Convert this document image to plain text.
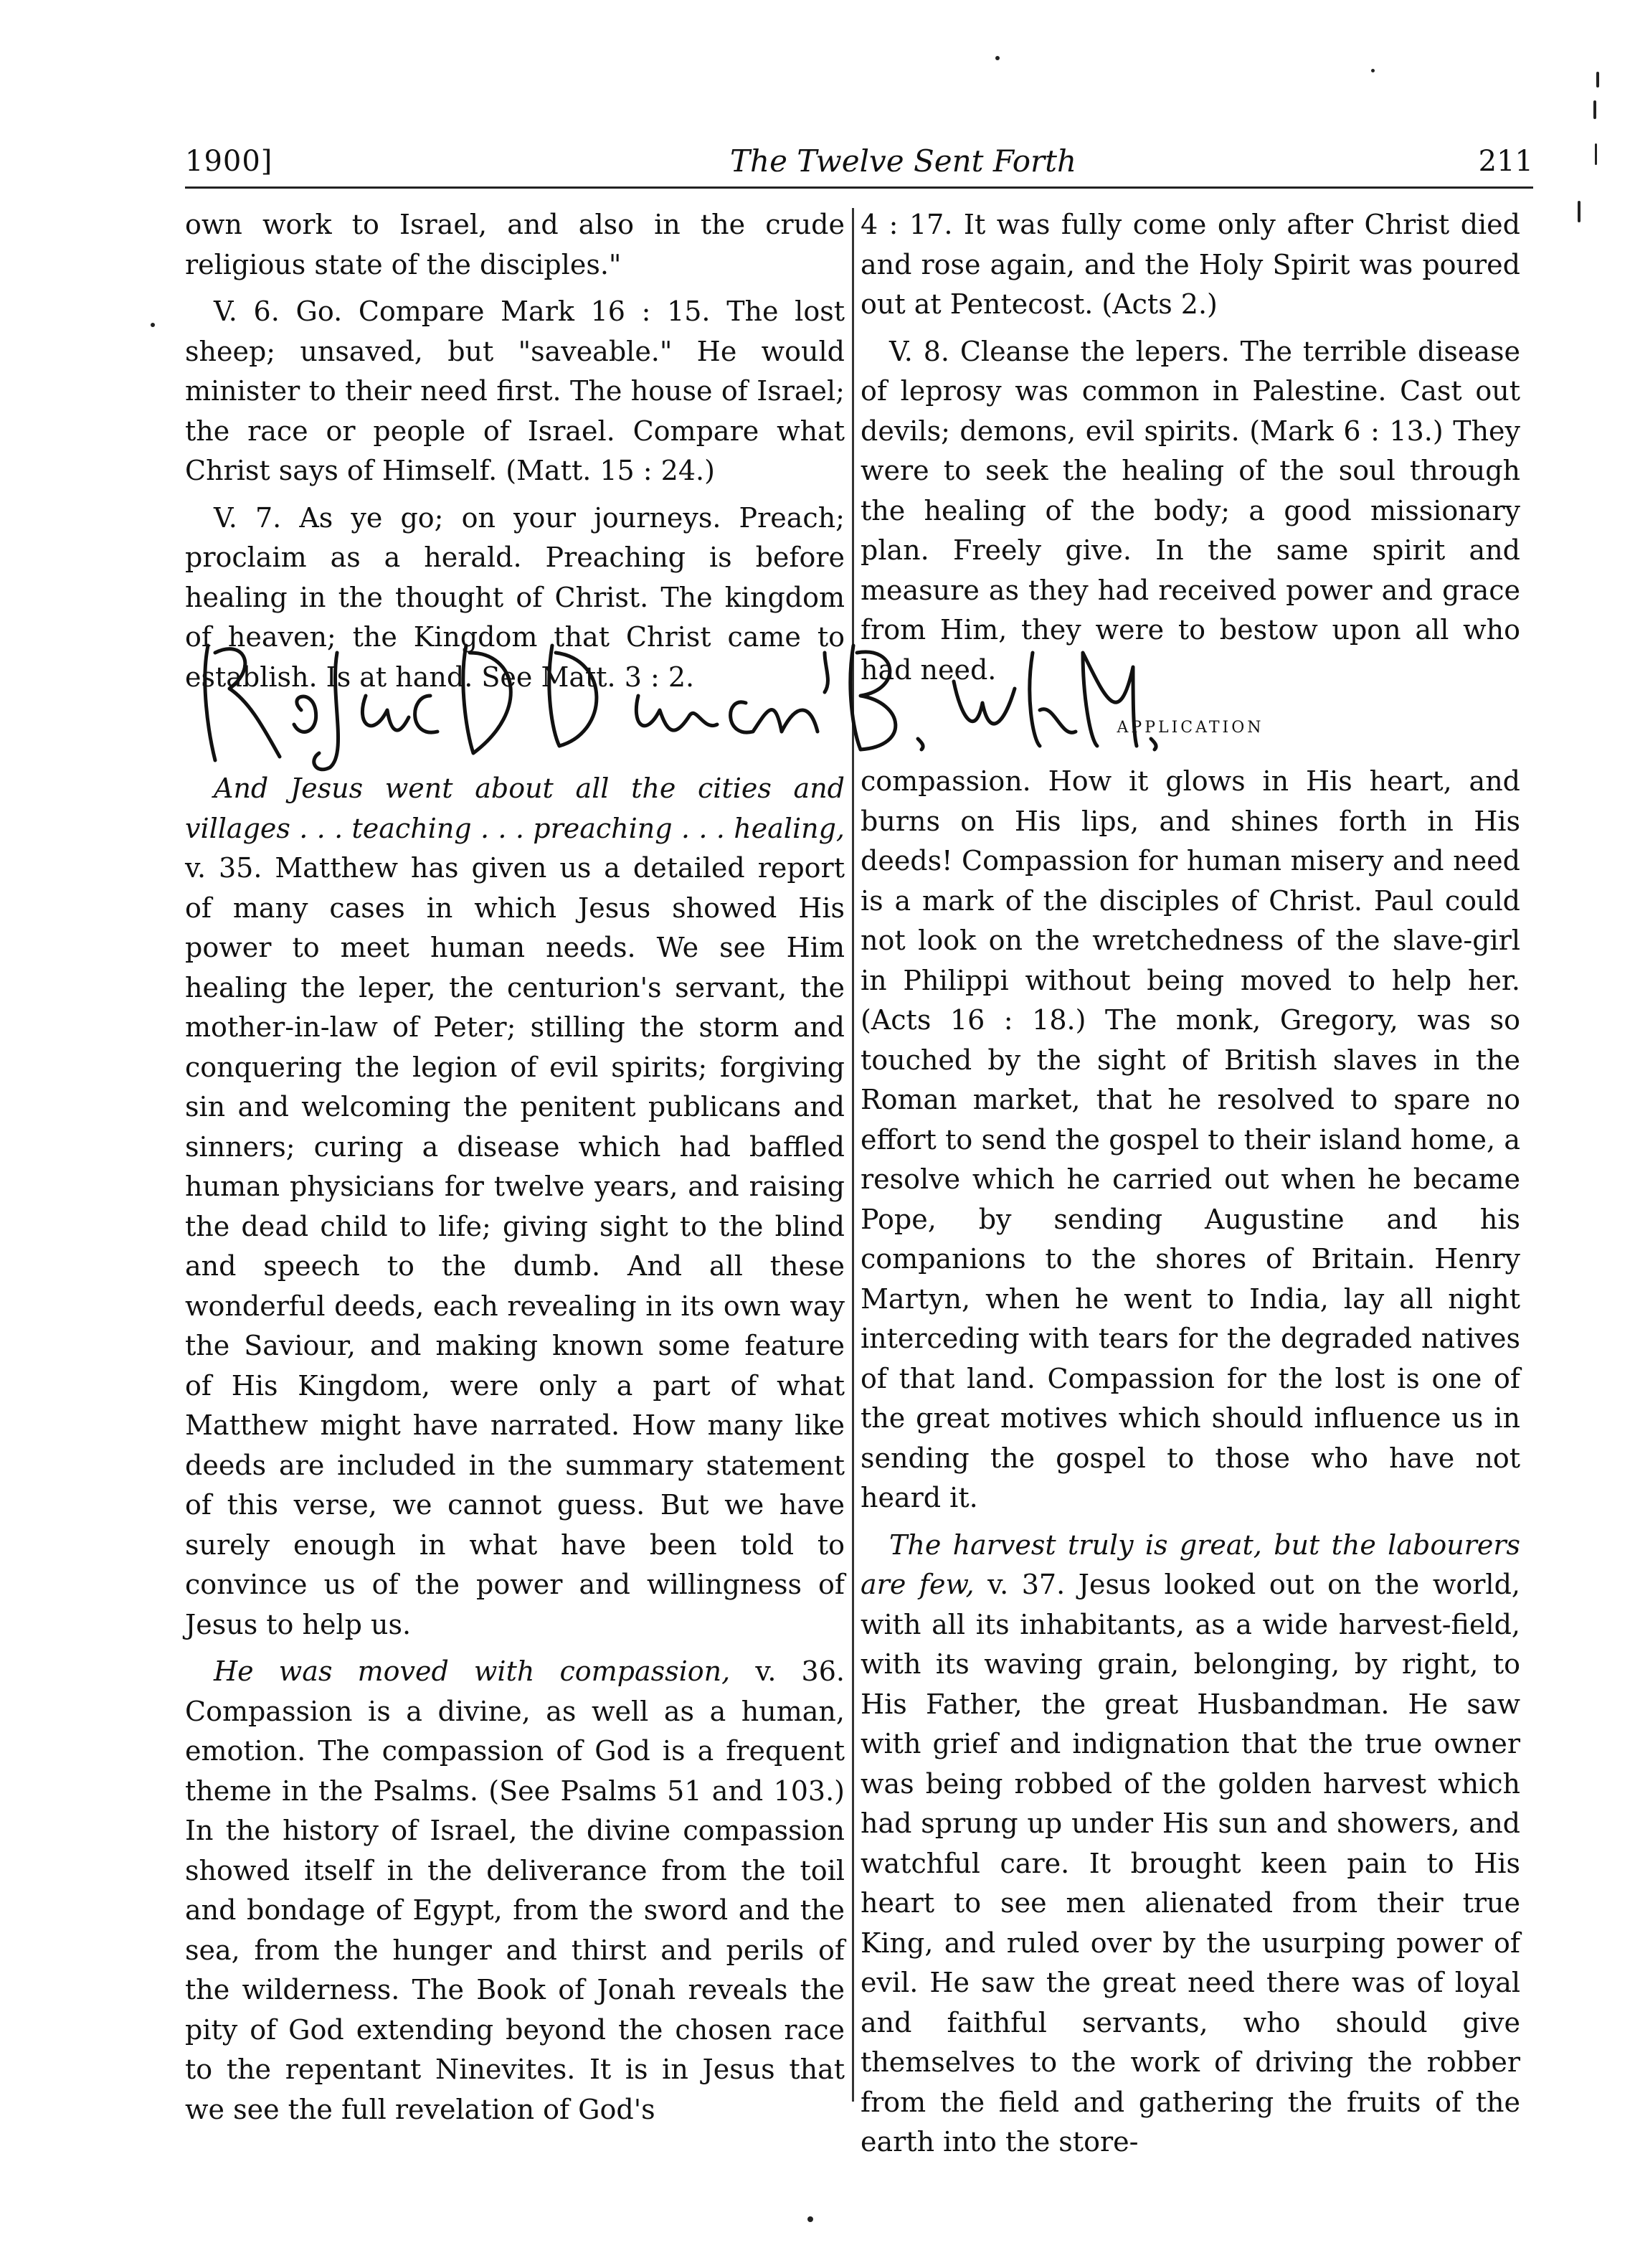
1900]	The Twelve Sent Forth	211

own work to Israel, and also in the crude religious state of the disciples."

V. 6. Go. Compare Mark 16 : 15. The lost sheep; unsaved, but "saveable." He would minister to their need first. The house of Israel; the race or people of Israel. Compare what Christ says of Himself. (Matt. 15 : 24.)

V. 7. As ye go; on your journeys. Preach; proclaim as a herald. Preaching is before healing in the thought of Christ. The kingdom of heaven; the Kingdom that Christ came to establish. Is at hand. See Matt. 3 : 2.

And Jesus went about all the cities and villages . . . teaching . . . preaching . . . healing, v. 35. Matthew has given us a detailed report of many cases in which Jesus showed His power to meet human needs. We see Him healing the leper, the centurion's servant, the mother-in-law of Peter; stilling the storm and conquering the legion of evil spirits; forgiving sin and welcoming the penitent publicans and sinners; curing a disease which had baffled human physicians for twelve years, and raising the dead child to life; giving sight to the blind and speech to the dumb. And all these wonderful deeds, each revealing in its own way the Saviour, and making known some feature of His Kingdom, were only a part of what Matthew might have narrated. How many like deeds are included in the summary statement of this verse, we cannot guess. But we have surely enough in what have been told to convince us of the power and willingness of Jesus to help us.

He was moved with compassion, v. 36. Compassion is a divine, as well as a human, emotion. The compassion of God is a frequent theme in the Psalms. (See Psalms 51 and 103.) In the history of Israel, the divine compassion showed itself in the deliverance from the toil and bondage of Egypt, from the sword and the sea, from the hunger and thirst and perils of the wilderness. The Book of Jonah reveals the pity of God extending beyond the chosen race to the repentant Ninevites. It is in Jesus that we see the full revelation of God's

4 : 17. It was fully come only after Christ died and rose again, and the Holy Spirit was poured out at Pentecost. (Acts 2.)

V. 8. Cleanse the lepers. The terrible disease of leprosy was common in Palestine. Cast out devils; demons, evil spirits. (Mark 6 : 13.) They were to seek the healing of the soul through the healing of the body; a good missionary plan. Freely give. In the same spirit and measure as they had received power and grace from Him, they were to bestow upon all who had need.

APPLICATION

compassion. How it glows in His heart, and burns on His lips, and shines forth in His deeds! Compassion for human misery and need is a mark of the disciples of Christ. Paul could not look on the wretchedness of the slave-girl in Philippi without being moved to help her. (Acts 16 : 18.) The monk, Gregory, was so touched by the sight of British slaves in the Roman market, that he resolved to spare no effort to send the gospel to their island home, a resolve which he carried out when he became Pope, by sending Augustine and his companions to the shores of Britain. Henry Martyn, when he went to India, lay all night interceding with tears for the degraded natives of that land. Compassion for the lost is one of the great motives which should influence us in sending the gospel to those who have not heard it.

The harvest truly is great, but the labourers are few, v. 37. Jesus looked out on the world, with all its inhabitants, as a wide harvest-field, with its waving grain, belonging, by right, to His Father, the great Husbandman. He saw with grief and indignation that the true owner was being robbed of the golden harvest which had sprung up under His sun and showers, and watchful care. It brought keen pain to His heart to see men alienated from their true King, and ruled over by the usurping power of evil. He saw the great need there was of loyal and faithful servants, who should give themselves to the work of driving the robber from the field and gathering the fruits of the earth into the store-
